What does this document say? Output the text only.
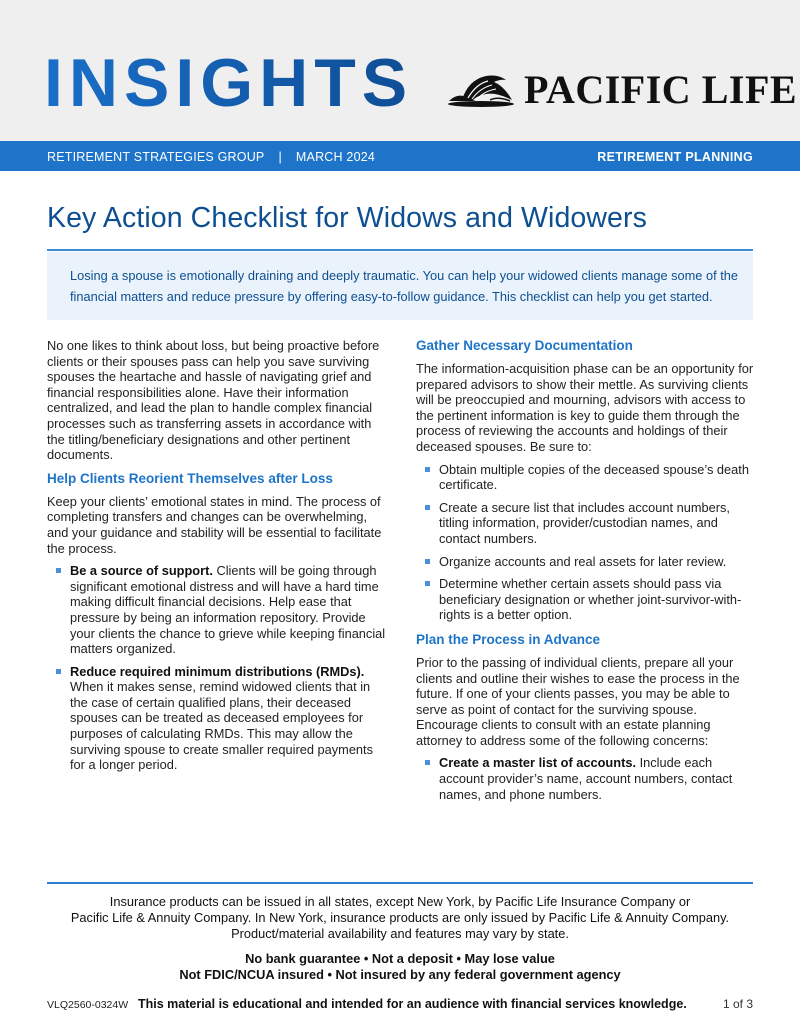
INSIGHTS	PACIFIC LIFE
RETIREMENT STRATEGIES GROUP | MARCH 2024	RETIREMENT PLANNING
Key Action Checklist for Widows and Widowers

Losing a spouse is emotionally draining and deeply traumatic. You can help your widowed clients manage some of the financial matters and reduce pressure by offering easy-to-follow guidance. This checklist can help you get started.

No one likes to think about loss, but being proactive before clients or their spouses pass can help you save surviving spouses the heartache and hassle of navigating grief and financial responsibilities alone. Have their information centralized, and lead the plan to handle complex financial processes such as transferring assets in accordance with the titling/beneficiary designations and other pertinent documents.

Help Clients Reorient Themselves after Loss

Keep your clients’ emotional states in mind. The process of completing transfers and changes can be overwhelming, and your guidance and stability will be essential to facilitate the process.

Be a source of support. Clients will be going through significant emotional distress and will have a hard time making difficult financial decisions. Help ease that pressure by being an information repository. Provide your clients the chance to grieve while keeping financial matters organized.
Reduce required minimum distributions (RMDs). When it makes sense, remind widowed clients that in the case of certain qualified plans, their deceased spouses can be treated as deceased employees for purposes of calculating RMDs. This may allow the surviving spouse to create smaller required payments for a longer period.
Gather Necessary Documentation

The information-acquisition phase can be an opportunity for prepared advisors to show their mettle. As surviving clients will be preoccupied and mourning, advisors with access to the pertinent information is key to guide them through the process of reviewing the accounts and holdings of their deceased spouses. Be sure to:

Obtain multiple copies of the deceased spouse’s death certificate.
Create a secure list that includes account numbers, titling information, provider/custodian names, and contact numbers.
Organize accounts and real assets for later review.
Determine whether certain assets should pass via beneficiary designation or whether joint-survivor-with-rights is a better option.
Plan the Process in Advance

Prior to the passing of individual clients, prepare all your clients and outline their wishes to ease the process in the future. If one of your clients passes, you may be able to serve as point of contact for the surviving spouse. Encourage clients to consult with an estate planning attorney to address some of the following concerns:

Create a master list of accounts. Include each account provider’s name, account numbers, contact names, and phone numbers.
Insurance products can be issued in all states, except New York, by Pacific Life Insurance Company or
Pacific Life & Annuity Company. In New York, insurance products are only issued by Pacific Life & Annuity Company.
Product/material availability and features may vary by state.
No bank guarantee • Not a deposit • May lose value
Not FDIC/NCUA insured • Not insured by any federal government agency
VLQ2560-0324W This material is educational and intended for an audience with financial services knowledge.	1 of 3
